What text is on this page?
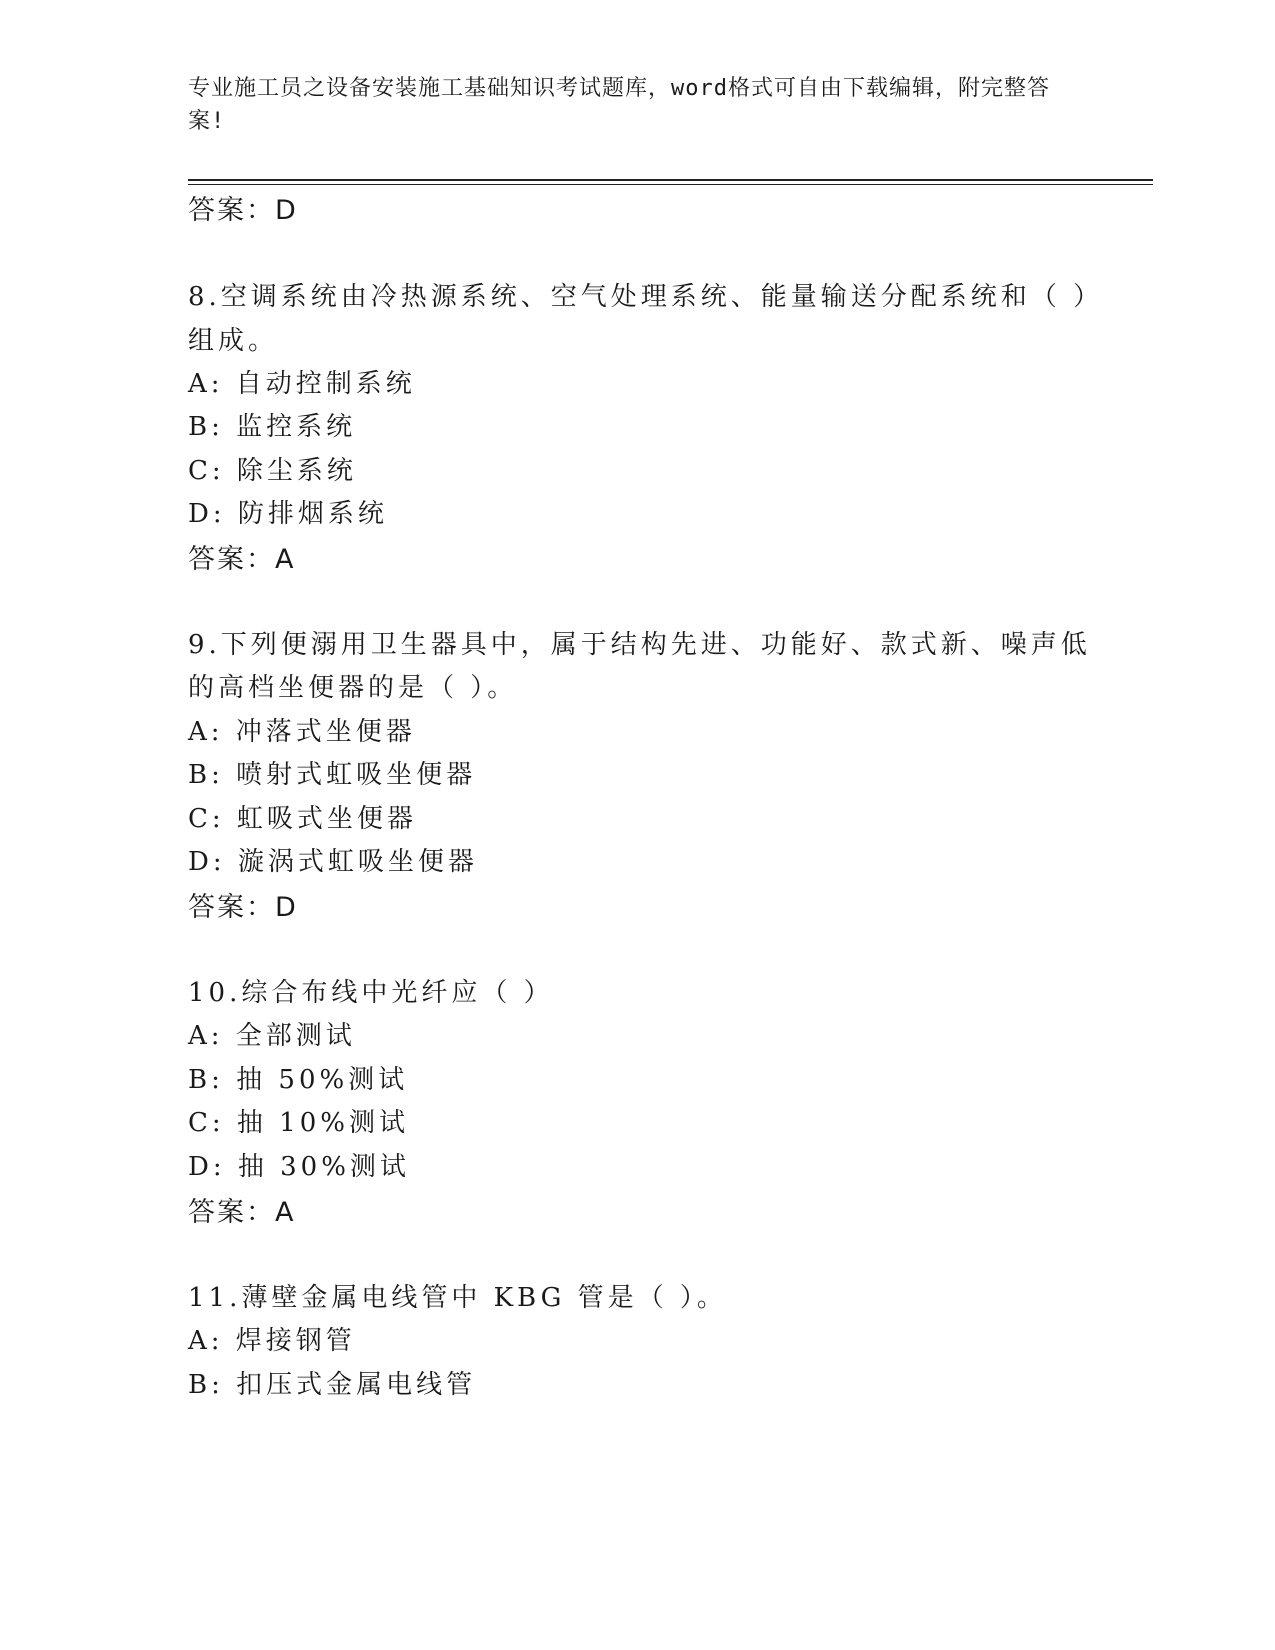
专业施工员之设备安装施工基础知识考试题库，word格式可自由下载编辑，附完整答案!
答案：D
8.空调系统由冷热源系统、空气处理系统、能量输送分配系统和（ ）
组成。
A: 自动控制系统
B: 监控系统
C: 除尘系统
D: 防排烟系统
答案：A
9.下列便溺用卫生器具中，属于结构先进、功能好、款式新、噪声低
的高档坐便器的是（ ）。
A: 冲落式坐便器
B: 喷射式虹吸坐便器
C: 虹吸式坐便器
D: 漩涡式虹吸坐便器
答案：D
10.综合布线中光纤应（ ）
A: 全部测试
B: 抽 50%测试
C: 抽 10%测试
D: 抽 30%测试
答案：A
11.薄壁金属电线管中 KBG 管是（ ）。
A: 焊接钢管
B: 扣压式金属电线管
